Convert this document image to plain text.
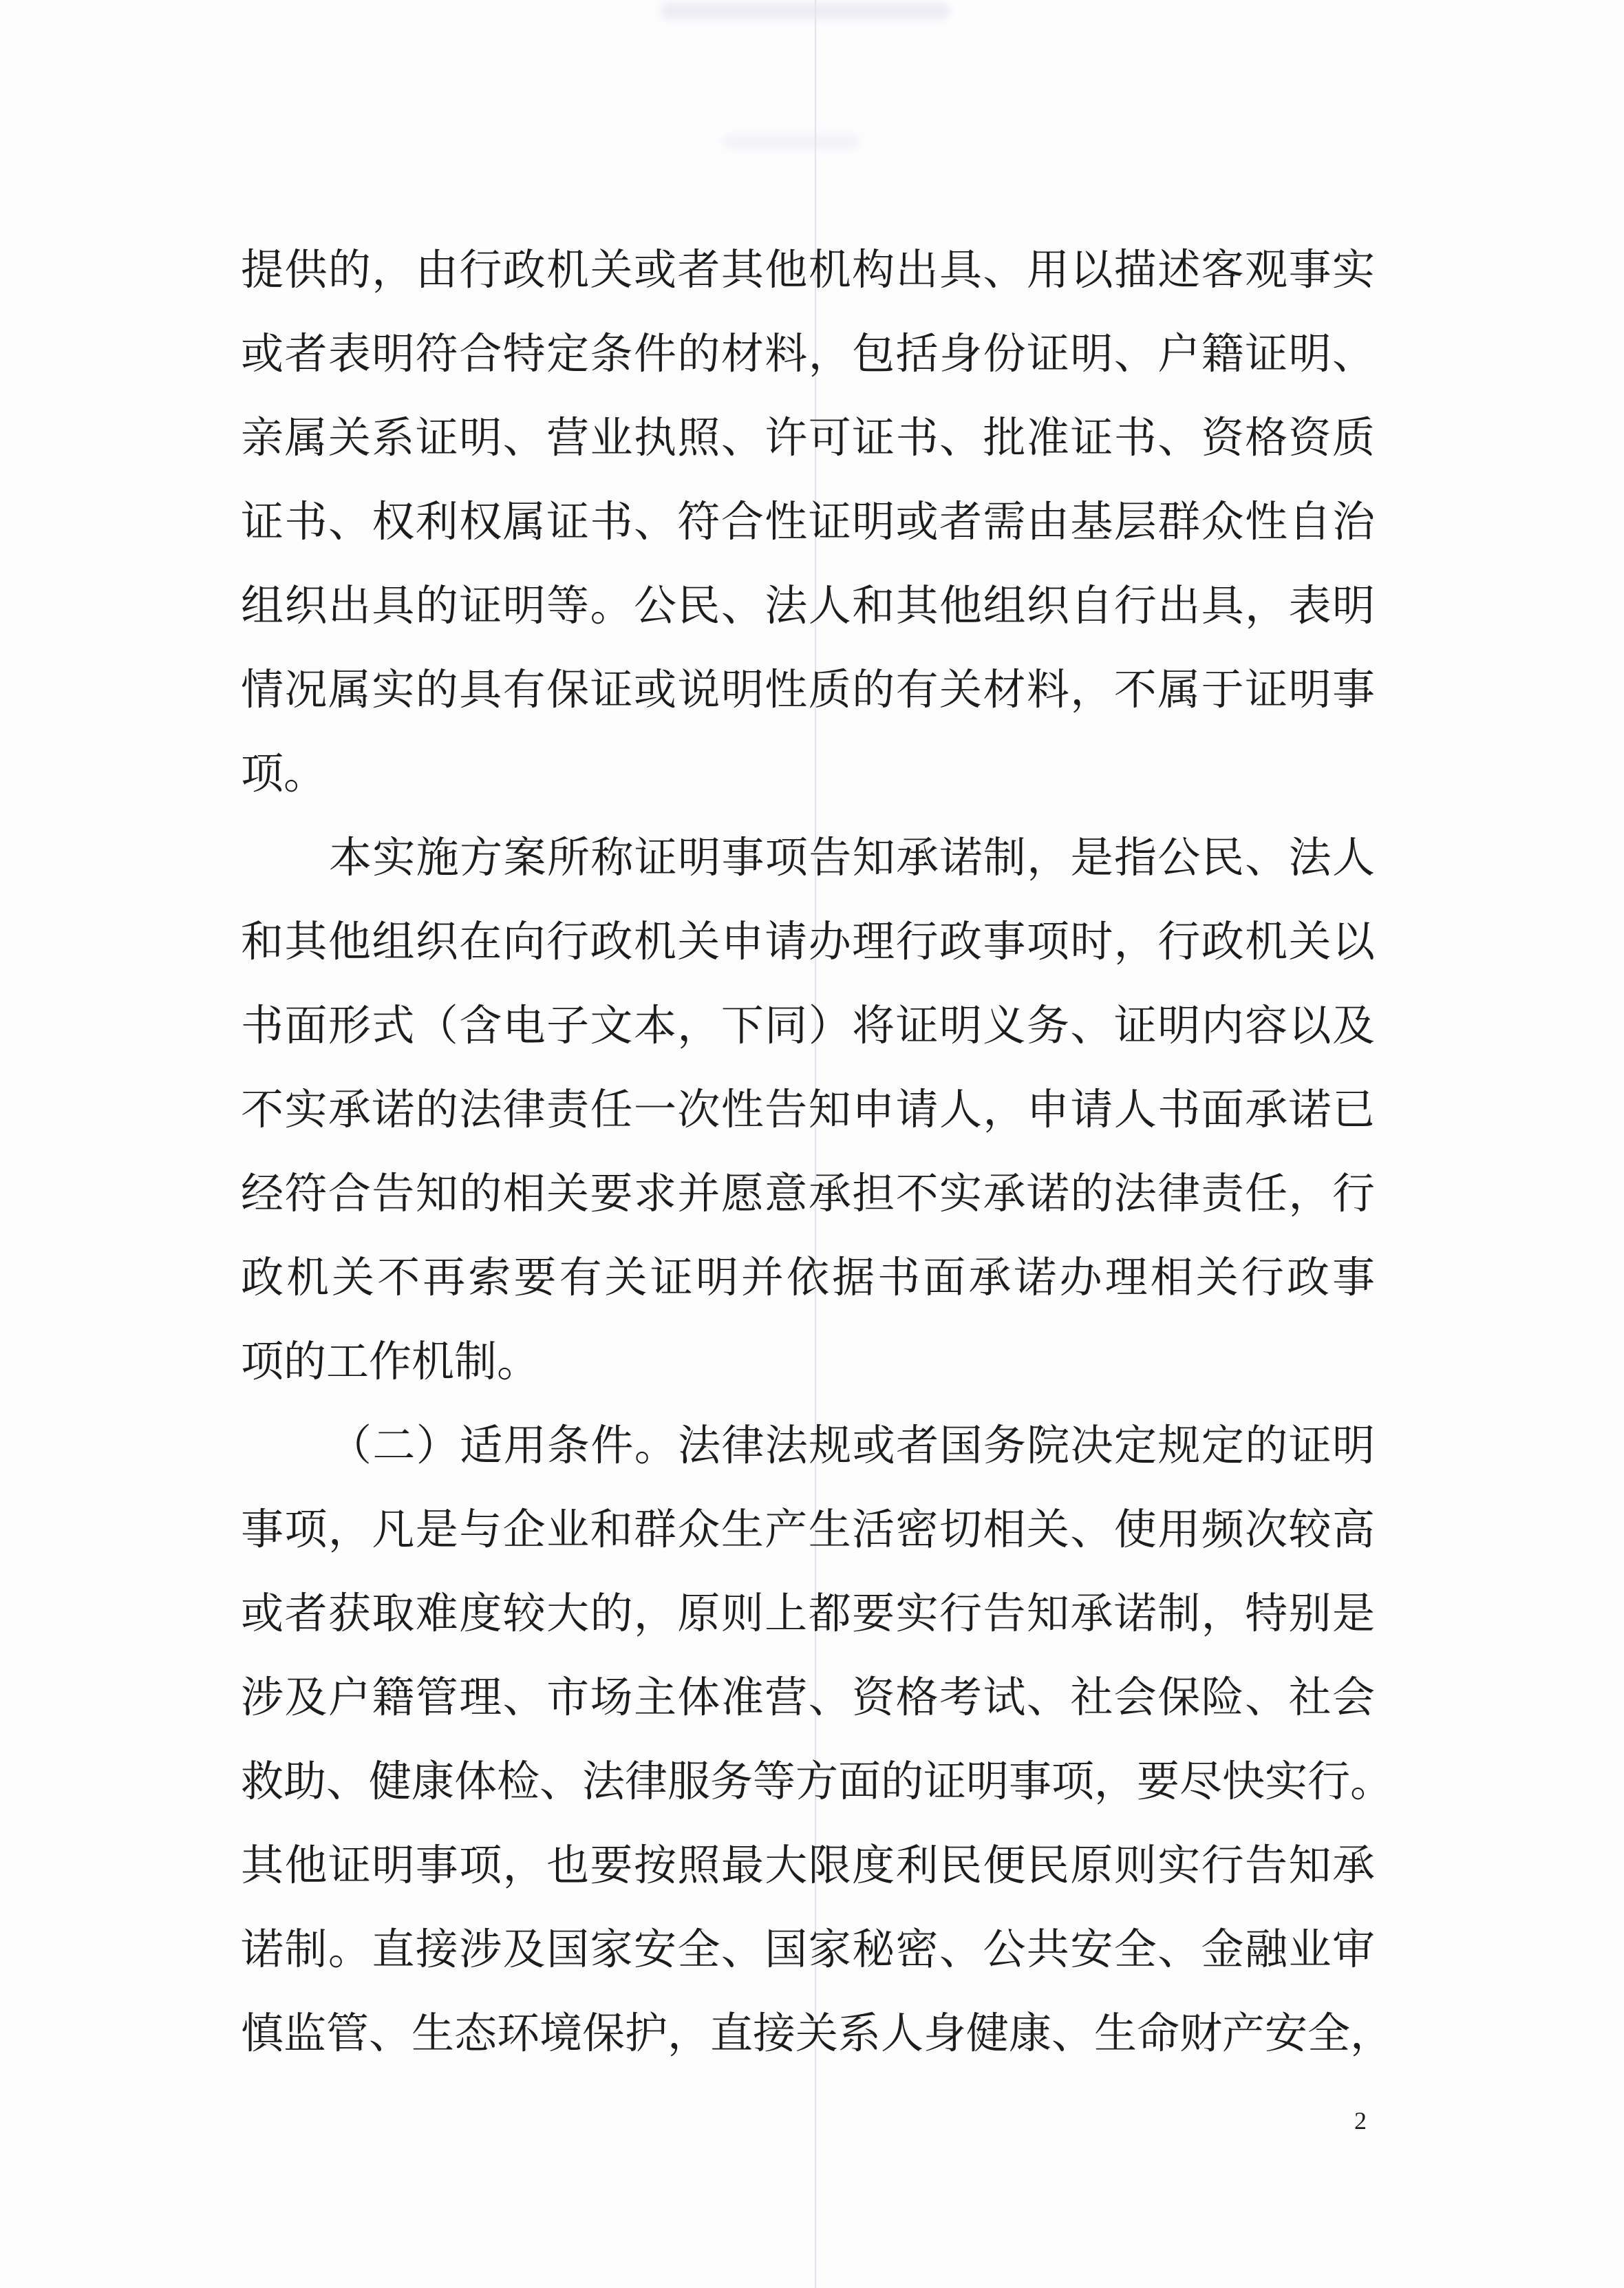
提供的，由行政机关或者其他机构出具、用以描述客观事实
或者表明符合特定条件的材料，包括身份证明、户籍证明、
亲属关系证明、营业执照、许可证书、批准证书、资格资质
证书、权利权属证书、符合性证明或者需由基层群众性自治
组织出具的证明等。公民、法人和其他组织自行出具，表明
情况属实的具有保证或说明性质的有关材料，不属于证明事
项。
本实施方案所称证明事项告知承诺制，是指公民、法人
和其他组织在向行政机关申请办理行政事项时，行政机关以
书面形式（含电子文本，下同）将证明义务、证明内容以及
不实承诺的法律责任一次性告知申请人，申请人书面承诺已
经符合告知的相关要求并愿意承担不实承诺的法律责任，行
政机关不再索要有关证明并依据书面承诺办理相关行政事
项的工作机制。
（二）适用条件。法律法规或者国务院决定规定的证明
事项，凡是与企业和群众生产生活密切相关、使用频次较高
或者获取难度较大的，原则上都要实行告知承诺制，特别是
涉及户籍管理、市场主体准营、资格考试、社会保险、社会
救助、健康体检、法律服务等方面的证明事项，要尽快实行。
其他证明事项，也要按照最大限度利民便民原则实行告知承
诺制。直接涉及国家安全、国家秘密、公共安全、金融业审
慎监管、生态环境保护，直接关系人身健康、生命财产安全，
2
